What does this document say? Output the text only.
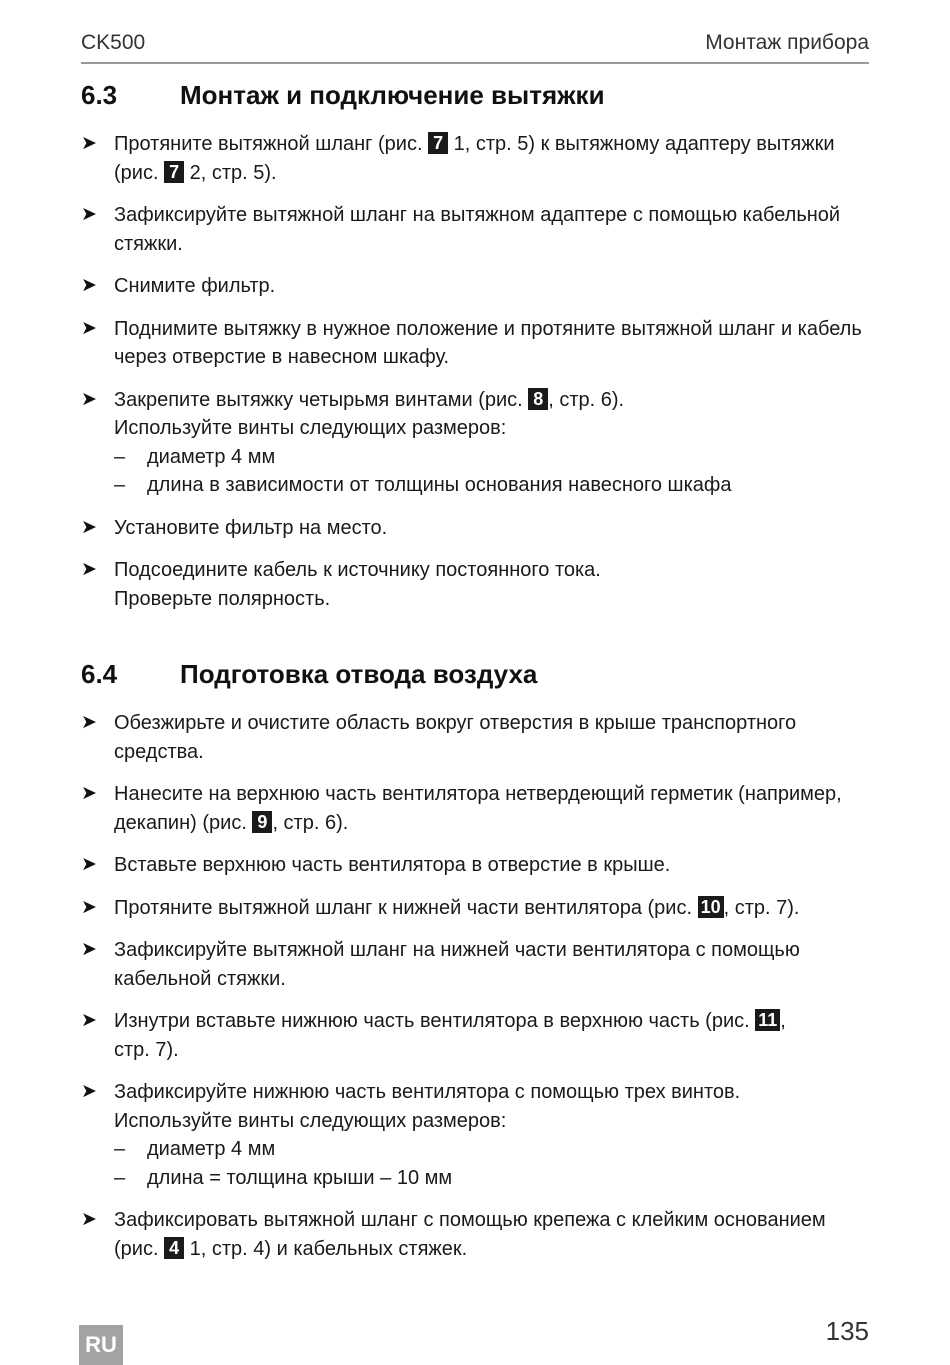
CK500	Монтаж прибора
6.3	Монтаж и подключение вытяжки
➤ Протяните вытяжной шланг (рис. 7 1, стр. 5) к вытяжному адаптеру вытяжки
(рис. 7 2, стр. 5).
➤ Зафиксируйте вытяжной шланг на вытяжном адаптере с помощью кабельной
стяжки.
➤ Снимите фильтр.
➤ Поднимите вытяжку в нужное положение и протяните вытяжной шланг и кабель
через отверстие в навесном шкафу.
➤ Закрепите вытяжку четырьмя винтами (рис. 8 , стр. 6).
Используйте винты следующих размеров:
– диаметр 4 мм
– длина в зависимости от толщины основания навесного шкафа
➤ Установите фильтр на место.
➤ Подсоедините кабель к источнику постоянного тока.
Проверьте полярность.
6.4	Подготовка отвода воздуха
➤ Обезжирьте и очистите область вокруг отверстия в крыше транспортного
средства.
➤ Нанесите на верхнюю часть вентилятора нетвердеющий герметик (например,
декапин) (рис. 9 , стр. 6).
➤ Вставьте верхнюю часть вентилятора в отверстие в крыше.
➤ Протяните вытяжной шланг к нижней части вентилятора (рис. 10 , стр. 7).
➤ Зафиксируйте вытяжной шланг на нижней части вентилятора с помощью
кабельной стяжки.
➤ Изнутри вставьте нижнюю часть вентилятора в верхнюю часть (рис. 11 ,
стр. 7).
➤ Зафиксируйте нижнюю часть вентилятора с помощью трех винтов.
Используйте винты следующих размеров:
– диаметр 4 мм
– длина = толщина крыши – 10 мм
➤ Зафиксировать вытяжной шланг с помощью крепежа с клейким основанием
(рис. 4 1, стр. 4) и кабельных стяжек.
RU	135
